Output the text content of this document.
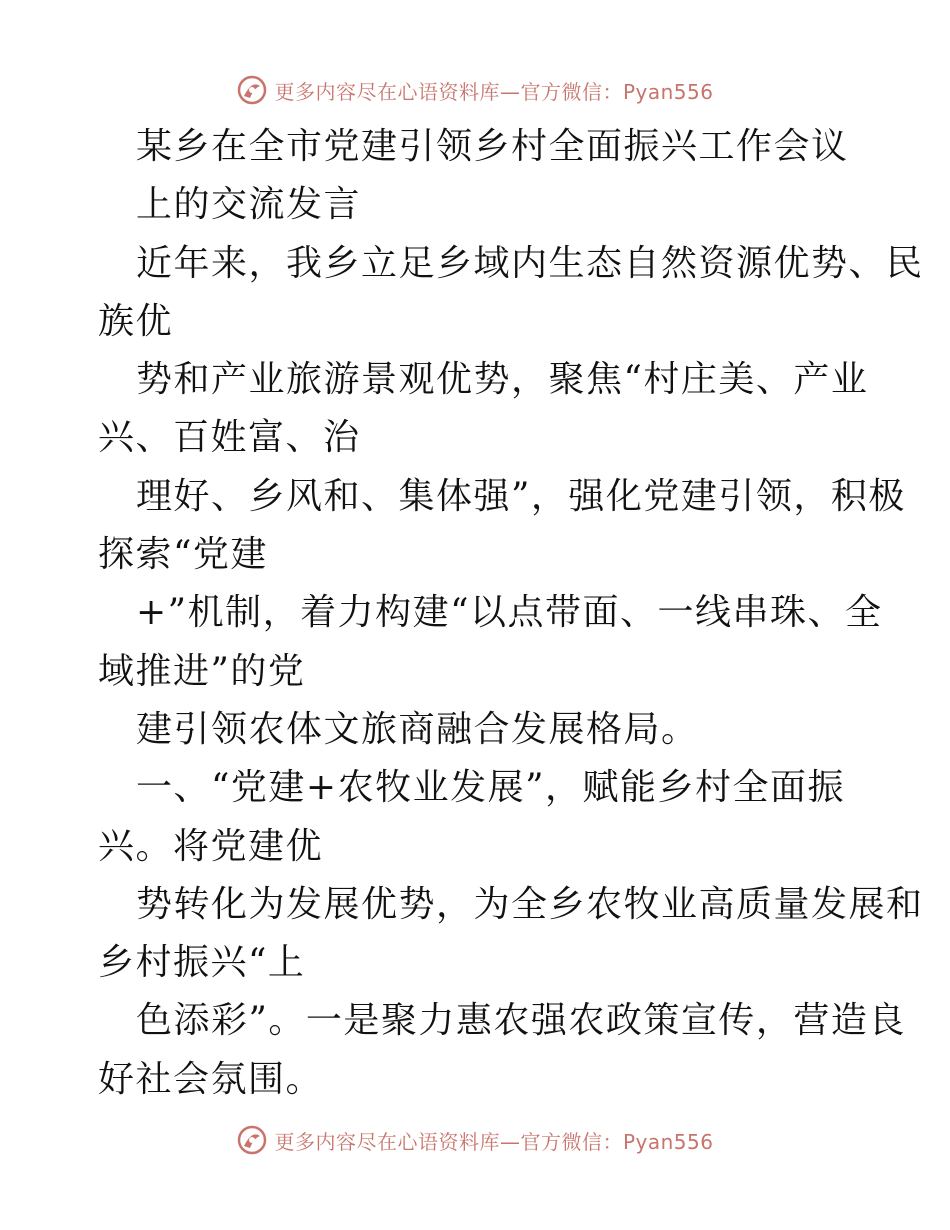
更多内容尽在心语资料库—官方微信：Pyan556
某乡在全市党建引领乡村全面振兴工作会议
上的交流发言
近年来，我乡立足乡域内生态自然资源优势、民
族优
势和产业旅游景观优势，聚焦“村庄美、产业
兴、百姓富、治
理好、乡风和、集体强”，强化党建引领，积极
探索“党建
+”机制，着力构建“以点带面、一线串珠、全
域推进”的党
建引领农体文旅商融合发展格局。
一、“党建+农牧业发展”，赋能乡村全面振
兴。将党建优
势转化为发展优势，为全乡农牧业高质量发展和
乡村振兴“上
色添彩”。一是聚力惠农强农政策宣传，营造良
好社会氛围。
更多内容尽在心语资料库—官方微信：Pyan556
